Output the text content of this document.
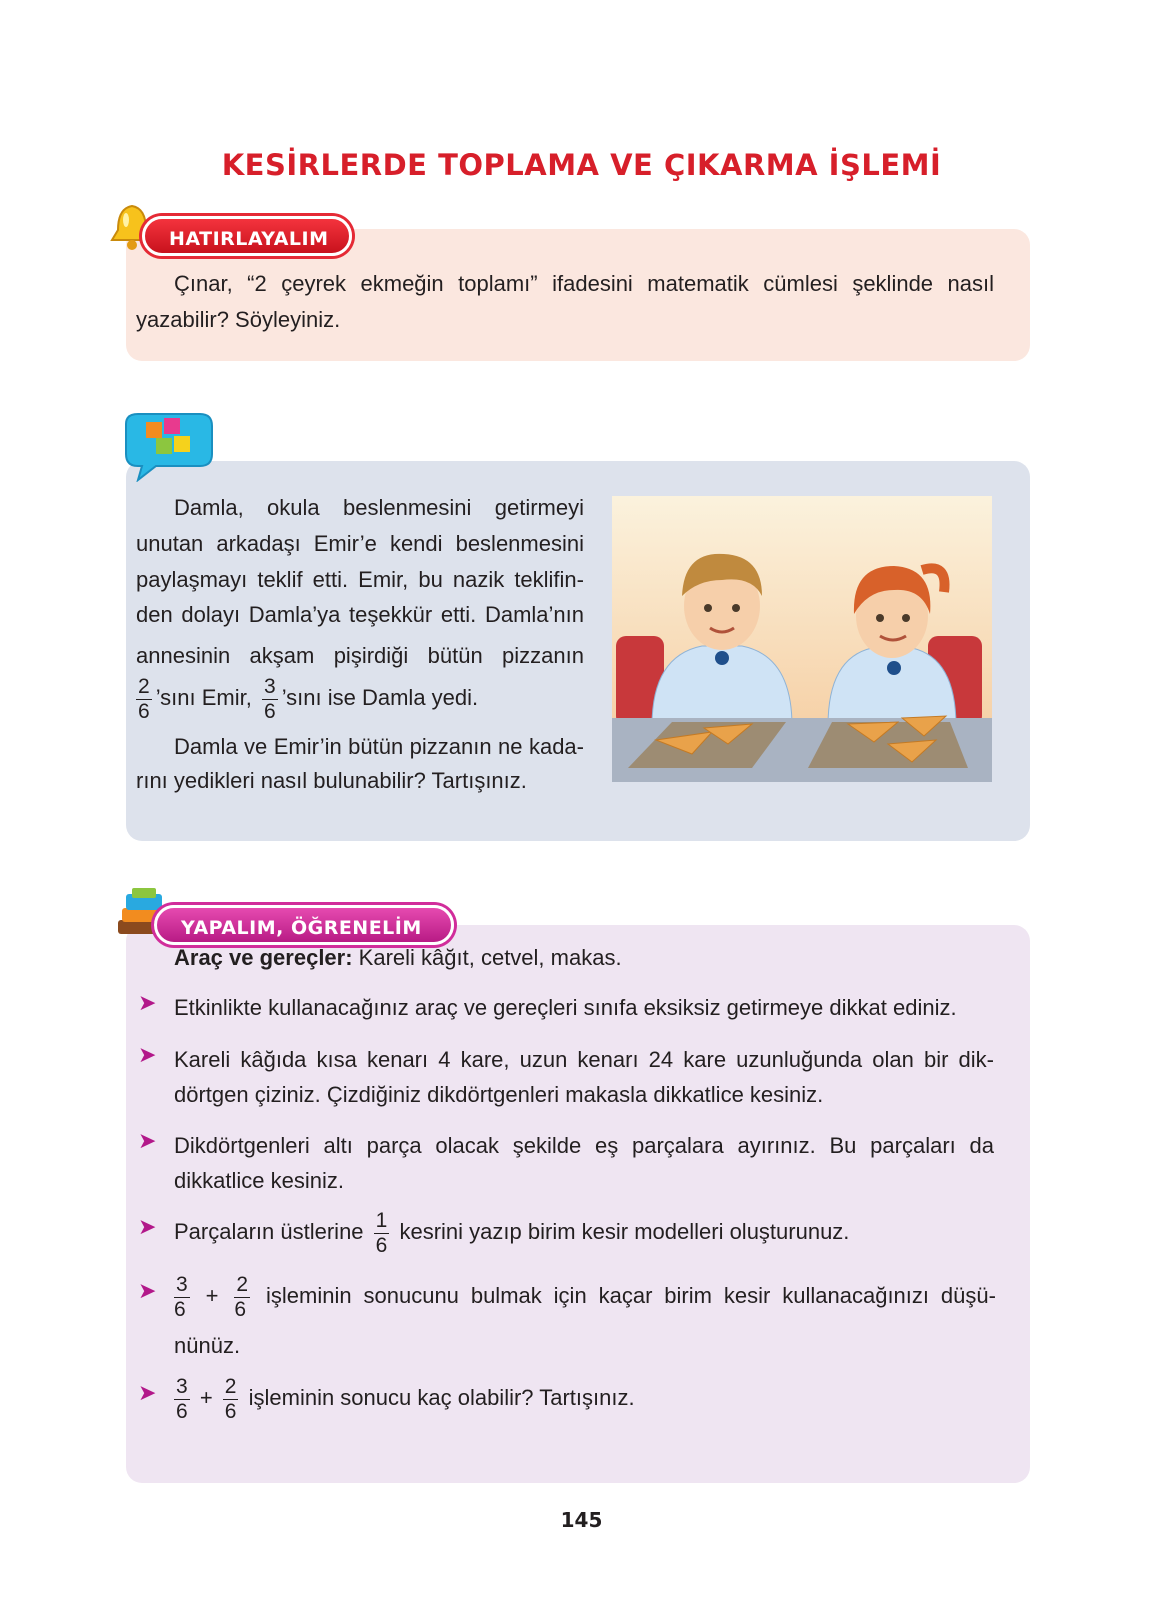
KESİRLERDE TOPLAMA VE ÇIKARMA İŞLEMİ
HATIRLAYALIM
Çınar, “2 çeyrek ekmeğin toplamı” ifadesini matematik cümlesi şeklinde nasıl
yazabilir? Söyleyiniz.
Damla, okula beslenmesini getirmeyi
unutan arkadaşı Emir’e kendi beslenmesini
paylaşmayı teklif etti. Emir, bu nazik teklifin-
den dolayı Damla’ya teşekkür etti. Damla’nın
annesinin akşam pişirdiği bütün pizzanın
$\frac{2}{6}$ ’sını Emir, $\frac{3}{6}$ ’sını ise Damla yedi.
Damla ve Emir’in bütün pizzanın ne kada-
rını yedikleri nasıl bulunabilir? Tartışınız.
YAPALIM, ÖĞRENELİM
Araç ve gereçler: Kareli kâğıt, cetvel, makas.
➤ Etkinlikte kullanacağınız araç ve gereçleri sınıfa eksiksiz getirmeye dikkat ediniz.
➤ Kareli kâğıda kısa kenarı 4 kare, uzun kenarı 24 kare uzunluğunda olan bir dik-
dörtgen çiziniz. Çizdiğiniz dikdörtgenleri makasla dikkatlice kesiniz.
➤ Dikdörtgenleri altı parça olacak şekilde eş parçalara ayırınız. Bu parçaları da
dikkatlice kesiniz.
➤ Parçaların üstlerine $\frac{1}{6}$ kesrini yazıp birim kesir modelleri oluşturunuz.
➤ $\frac{3}{6} + \frac{2}{6}$ işleminin sonucunu bulmak için kaçar birim kesir kullanacağınızı düşü-
nünüz.
➤ $\frac{3}{6} + \frac{2}{6}$ işleminin sonucu kaç olabilir? Tartışınız.
145
